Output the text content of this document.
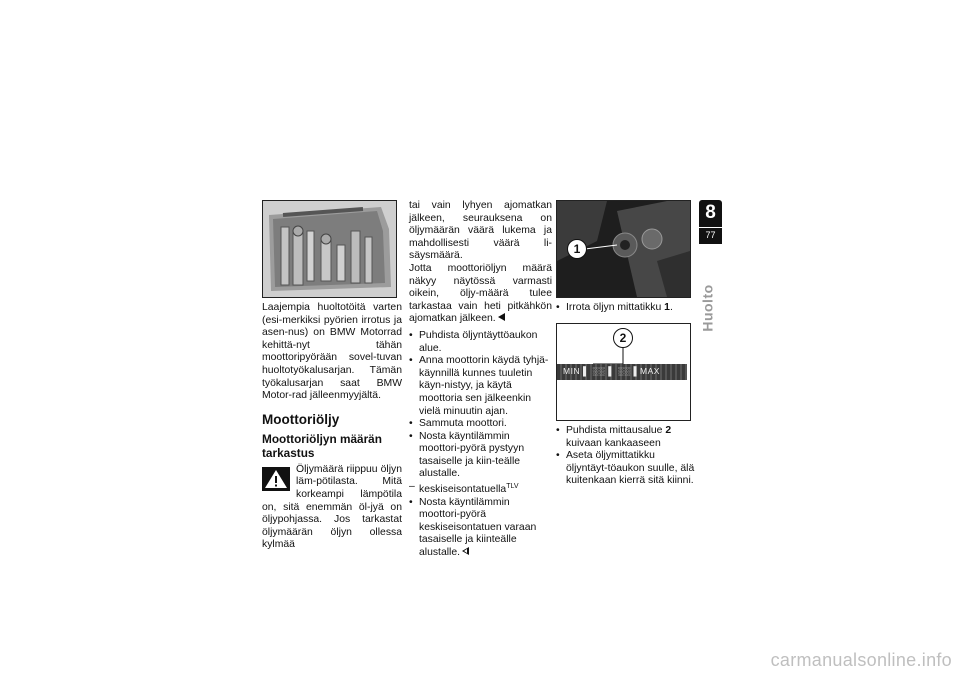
Laajempia huoltotöitä varten (esi-merkiksi pyörien irrotus ja asen-nus) on BMW Motorrad kehittä-nyt tähän moottoripyörään sovel-tuvan huoltotyökalusarjan. Tämän työkalusarjan saat BMW Motor-rad jälleenmyyjältä.

Moottoriöljy
Moottoriöljyn määrän tarkastus

Öljymäärä riippuu öljyn läm-pötilasta. Mitä korkeampi lämpötila on, sitä enemmän öl-jyä on öljypohjassa. Jos tarkastat öljymäärän öljyn ollessa kylmää

tai vain lyhyen ajomatkan jälkeen, seurauksena on öljymäärän väärä lukema ja mahdollisesti väärä li-säysmäärä.

Jotta moottoriöljyn määrä näkyy näytössä varmasti oikein, öljy-määrä tulee tarkastaa vain heti pitkähkön ajomatkan jälkeen.

• Puhdista öljyntäyttöaukon alue.
• Anna moottorin käydä tyhjä-käynnillä kunnes tuuletin käyn-nistyy, ja käytä moottoria sen jälkeenkin vielä minuutin ajan.
• Sammuta moottori.
• Nosta käyntilämmin moottori-pyörä pystyyn tasaiselle ja kiin-teälle alustalle.
– keskiseisontatuella$^{TLV}$
• Nosta käyntilämmin moottori-pyörä keskiseisontatuen varaan tasaiselle ja kiinteälle alustalle.
1
• Irrota öljyn mittatikku 1.
2
MIN ▌ ░░ ▌ ░░ ▌MAX
• Puhdista mittausalue 2 kuivaan kankaaseen
• Aseta öljymittatikku öljyntäyt-töaukon suulle, älä kuitenkaan kierrä sitä kiinni.
8
77
Huolto
carmanualsonline.info
